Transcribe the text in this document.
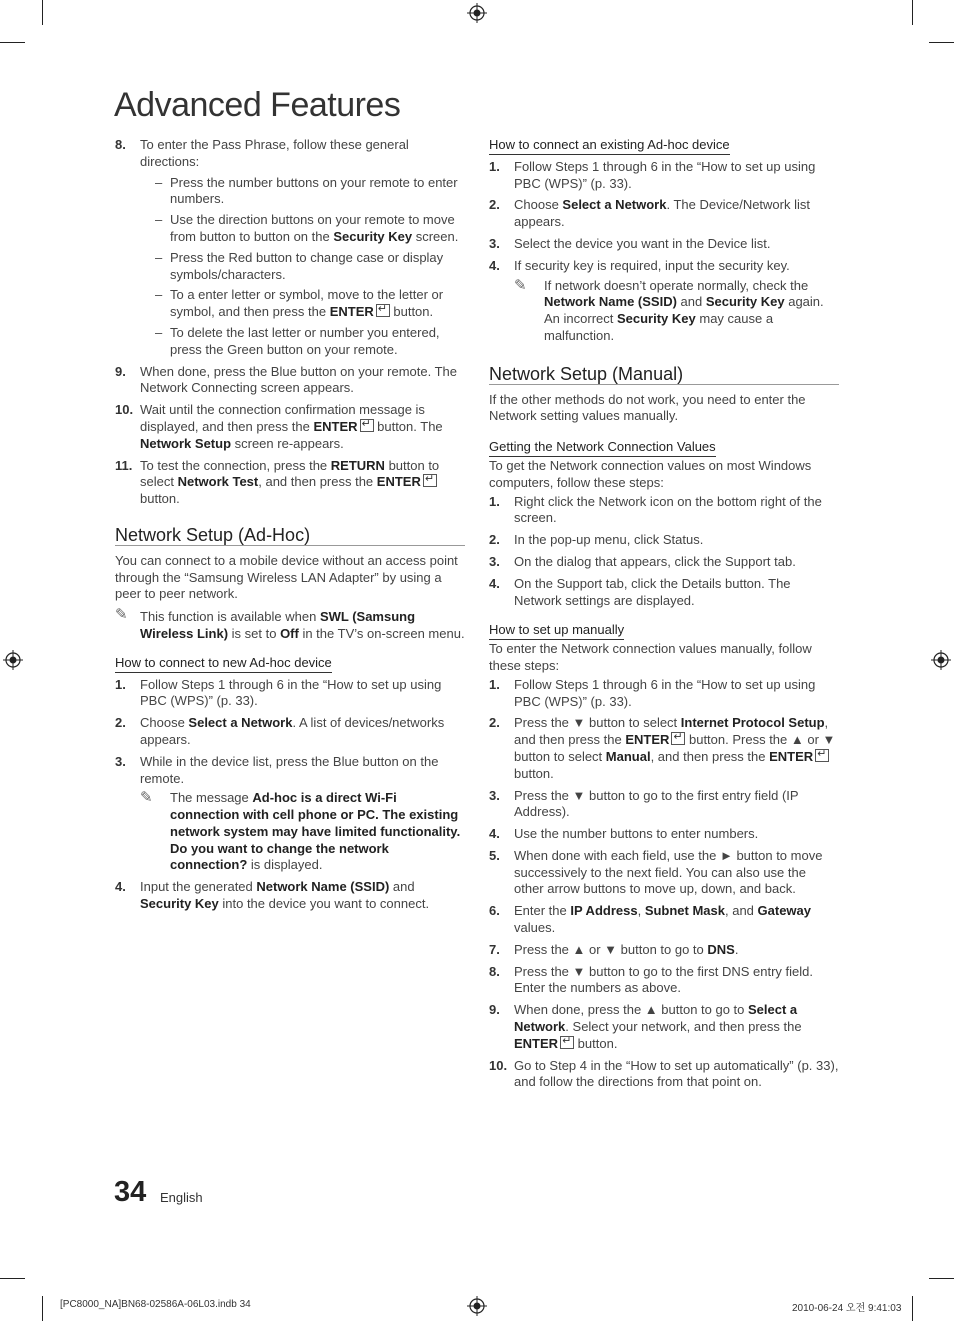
Advanced Features
8. To enter the Pass Phrase, follow these general directions:
– Press the number buttons on your remote to enter numbers.
– Use the direction buttons on your remote to move from button to button on the Security Key screen.
– Press the Red button to change case or display symbols/characters.
– To a enter letter or symbol, move to the letter or symbol, and then press the ENTER↵ button.
– To delete the last letter or number you entered, press the Green button on your remote.
9. When done, press the Blue button on your remote. The Network Connecting screen appears.
10. Wait until the connection confirmation message is displayed, and then press the ENTER↵ button. The Network Setup screen re-appears.
11. To test the connection, press the RETURN button to select Network Test, and then press the ENTER↵ button.
Network Setup (Ad-Hoc)

You can connect to a mobile device without an access point through the “Samsung Wireless LAN Adapter” by using a peer to peer network.

✎ This function is available when SWL (Samsung Wireless Link) is set to Off in the TV’s on-screen menu.
How to connect to new Ad-hoc device
1. Follow Steps 1 through 6 in the “How to set up using PBC (WPS)” (p. 33).
2. Choose Select a Network. A list of devices/networks appears.
3. While in the device list, press the Blue button on the remote.
✎ The message Ad-hoc is a direct Wi-Fi connection with cell phone or PC. The existing network system may have limited functionality. Do you want to change the network connection? is displayed.
4. Input the generated Network Name (SSID) and Security Key into the device you want to connect.
How to connect an existing Ad-hoc device
1. Follow Steps 1 through 6 in the “How to set up using PBC (WPS)” (p. 33).
2. Choose Select a Network. The Device/Network list appears.
3. Select the device you want in the Device list.
4. If security key is required, input the security key.
✎ If network doesn’t operate normally, check the Network Name (SSID) and Security Key again. An incorrect Security Key may cause a malfunction.
Network Setup (Manual)

If the other methods do not work, you need to enter the Network setting values manually.

Getting the Network Connection Values

To get the Network connection values on most Windows computers, follow these steps:

1. Right click the Network icon on the bottom right of the screen.
2. In the pop-up menu, click Status.
3. On the dialog that appears, click the Support tab.
4. On the Support tab, click the Details button. The Network settings are displayed.
How to set up manually

To enter the Network connection values manually, follow these steps:

1. Follow Steps 1 through 6 in the “How to set up using PBC (WPS)” (p. 33).
2. Press the ▼ button to select Internet Protocol Setup, and then press the ENTER↵ button. Press the ▲ or ▼ button to select Manual, and then press the ENTER↵ button.
3. Press the ▼ button to go to the first entry field (IP Address).
4. Use the number buttons to enter numbers.
5. When done with each field, use the ► button to move successively to the next field. You can also use the other arrow buttons to move up, down, and back.
6. Enter the IP Address, Subnet Mask, and Gateway values.
7. Press the ▲ or ▼ button to go to DNS.
8. Press the ▼ button to go to the first DNS entry field. Enter the numbers as above.
9. When done, press the ▲ button to go to Select a Network. Select your network, and then press the ENTER↵ button.
10. Go to Step 4 in the “How to set up automatically” (p. 33), and follow the directions from that point on.
34 English
[PC8000_NA]BN68-02586A-06L03.indb 34	2010-06-24 오전 9:41:03
